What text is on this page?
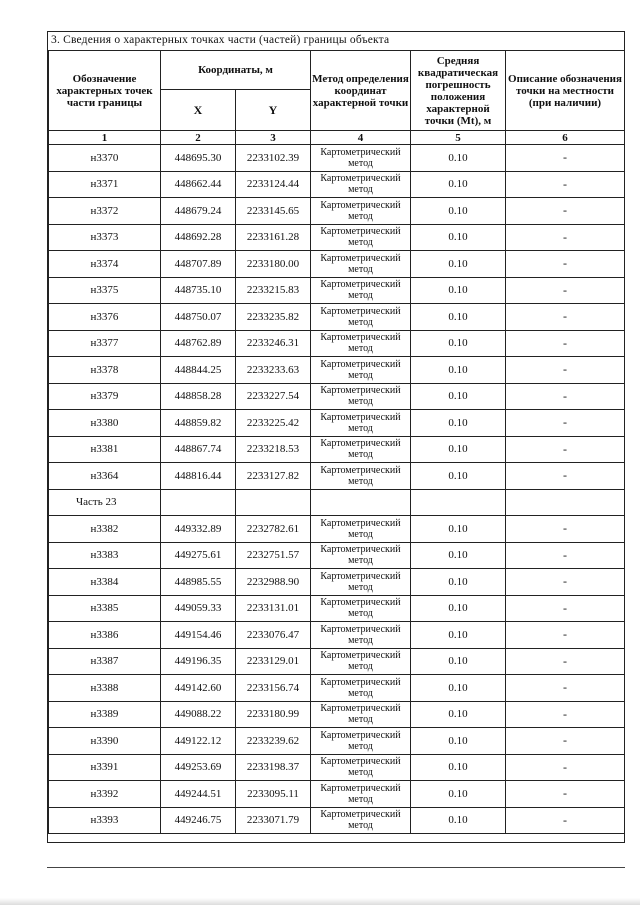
3. Сведения о характерных точках части (частей) границы объекта
Обозначение характерных точек части границы	Координаты, м		Метод определения координат характерной точки	Средняя квадратическая погрешность положения характерной точки (Mt), м	Описание обозначения точки на местности (при наличии)
	X	Y			
1	2	3	4	5	6
н3370	448695.30	2233102.39	Картометрический метод	0.10	-
н3371	448662.44	2233124.44	Картометрический метод	0.10	-
н3372	448679.24	2233145.65	Картометрический метод	0.10	-
н3373	448692.28	2233161.28	Картометрический метод	0.10	-
н3374	448707.89	2233180.00	Картометрический метод	0.10	-
н3375	448735.10	2233215.83	Картометрический метод	0.10	-
н3376	448750.07	2233235.82	Картометрический метод	0.10	-
н3377	448762.89	2233246.31	Картометрический метод	0.10	-
н3378	448844.25	2233233.63	Картометрический метод	0.10	-
н3379	448858.28	2233227.54	Картометрический метод	0.10	-
н3380	448859.82	2233225.42	Картометрический метод	0.10	-
н3381	448867.74	2233218.53	Картометрический метод	0.10	-
н3364	448816.44	2233127.82	Картометрический метод	0.10	-
Часть 23					
н3382	449332.89	2232782.61	Картометрический метод	0.10	-
н3383	449275.61	2232751.57	Картометрический метод	0.10	-
н3384	448985.55	2232988.90	Картометрический метод	0.10	-
н3385	449059.33	2233131.01	Картометрический метод	0.10	-
н3386	449154.46	2233076.47	Картометрический метод	0.10	-
н3387	449196.35	2233129.01	Картометрический метод	0.10	-
н3388	449142.60	2233156.74	Картометрический метод	0.10	-
н3389	449088.22	2233180.99	Картометрический метод	0.10	-
н3390	449122.12	2233239.62	Картометрический метод	0.10	-
н3391	449253.69	2233198.37	Картометрический метод	0.10	-
н3392	449244.51	2233095.11	Картометрический метод	0.10	-
н3393	449246.75	2233071.79	Картометрический метод	0.10	-
